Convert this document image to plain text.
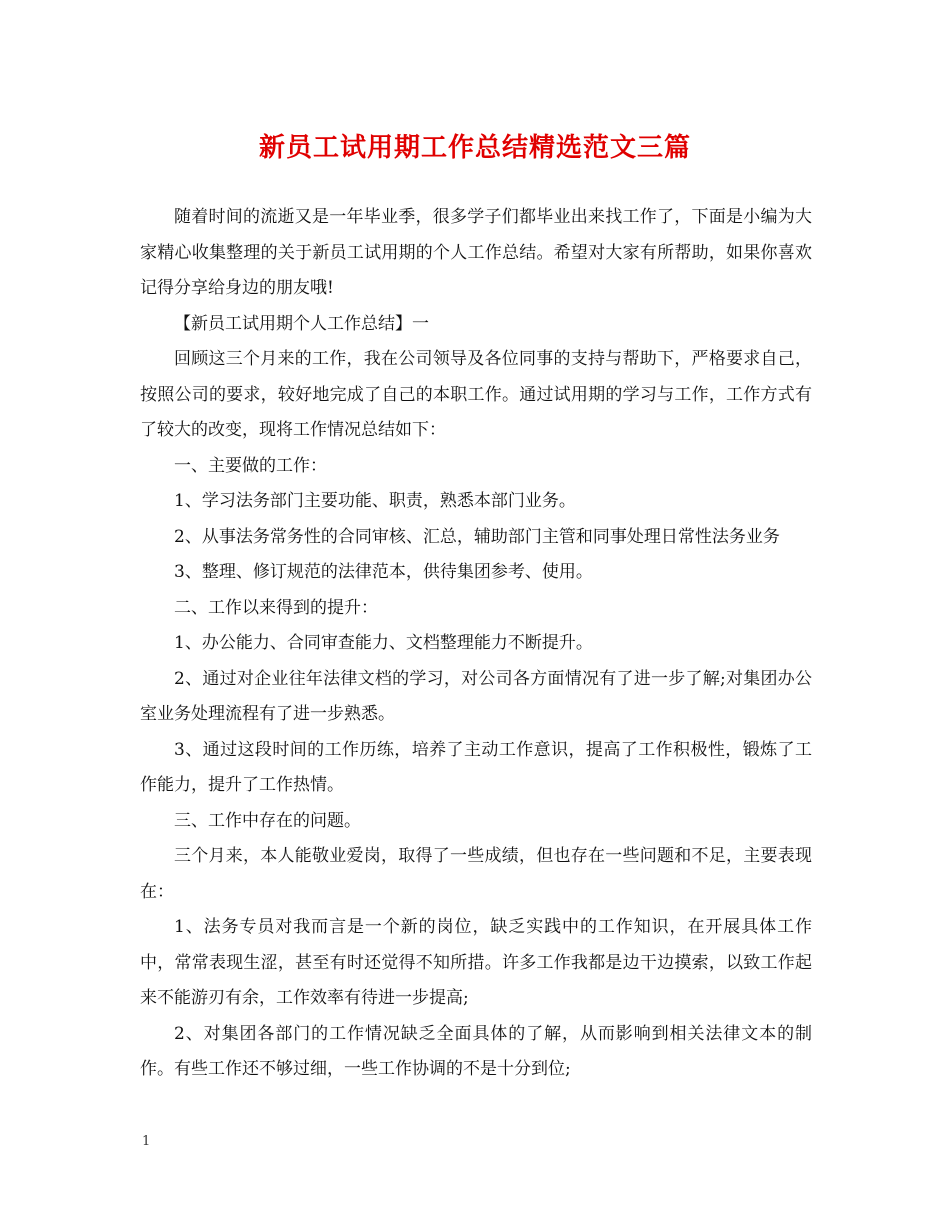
新员工试用期工作总结精选范文三篇

随着时间的流逝又是一年毕业季，很多学子们都毕业出来找工作了，下面是小编为大家精心收集整理的关于新员工试用期的个人工作总结。希望对大家有所帮助，如果你喜欢记得分享给身边的朋友哦!

【新员工试用期个人工作总结】一

回顾这三个月来的工作，我在公司领导及各位同事的支持与帮助下，严格要求自己，按照公司的要求，较好地完成了自己的本职工作。通过试用期的学习与工作，工作方式有了较大的改变，现将工作情况总结如下：

一、主要做的工作：

1、学习法务部门主要功能、职责，熟悉本部门业务。

2、从事法务常务性的合同审核、汇总，辅助部门主管和同事处理日常性法务业务

3、整理、修订规范的法律范本，供待集团参考、使用。

二、工作以来得到的提升：

1、办公能力、合同审查能力、文档整理能力不断提升。

2、通过对企业往年法律文档的学习，对公司各方面情况有了进一步了解;对集团办公室业务处理流程有了进一步熟悉。

3、通过这段时间的工作历练，培养了主动工作意识，提高了工作积极性，锻炼了工作能力，提升了工作热情。

三、工作中存在的问题。

三个月来，本人能敬业爱岗，取得了一些成绩，但也存在一些问题和不足，主要表现在：

1、法务专员对我而言是一个新的岗位，缺乏实践中的工作知识，在开展具体工作中，常常表现生涩，甚至有时还觉得不知所措。许多工作我都是边干边摸索，以致工作起来不能游刃有余，工作效率有待进一步提高;

2、对集团各部门的工作情况缺乏全面具体的了解，从而影响到相关法律文本的制作。有些工作还不够过细，一些工作协调的不是十分到位;

1
